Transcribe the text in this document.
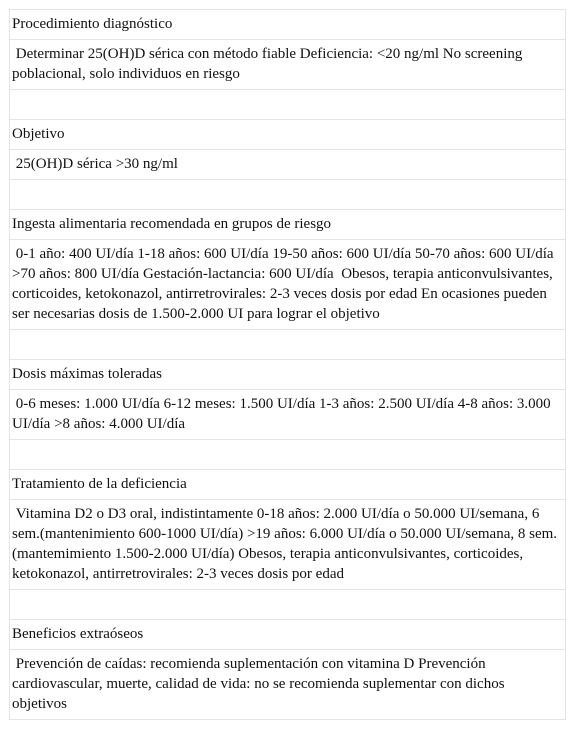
Procedimiento diagnóstico

Determinar 25(OH)D sérica con método fiable Deficiencia: <20 ng/ml No screening poblacional, solo individuos en riesgo

Objetivo

25(OH)D sérica >30 ng/ml

Ingesta alimentaria recomendada en grupos de riesgo

0-1 año: 400 UI/día 1-18 años: 600 UI/día 19-50 años: 600 UI/día 50-70 años: 600 UI/día >70 años: 800 UI/día Gestación-lactancia: 600 UI/día  Obesos, terapia anticonvulsivantes, corticoides, ketokonazol, antirretrovirales: 2-3 veces dosis por edad En ocasiones pueden ser necesarias dosis de 1.500-2.000 UI para lograr el objetivo

Dosis máximas toleradas

0-6 meses: 1.000 UI/día 6-12 meses: 1.500 UI/día 1-3 años: 2.500 UI/día 4-8 años: 3.000 UI/día >8 años: 4.000 UI/día

Tratamiento de la deficiencia

Vitamina D2 o D3 oral, indistintamente 0-18 años: 2.000 UI/día o 50.000 UI/semana, 6 sem.(mantenimiento 600-1000 UI/día) >19 años: 6.000 UI/día o 50.000 UI/semana, 8 sem.(mantemimiento 1.500-2.000 UI/día) Obesos, terapia anticonvulsivantes, corticoides, ketokonazol, antirretrovirales: 2-3 veces dosis por edad

Beneficios extraóseos

Prevención de caídas: recomienda suplementación con vitamina D Prevención cardiovascular, muerte, calidad de vida: no se recomienda suplementar con dichos objetivos
